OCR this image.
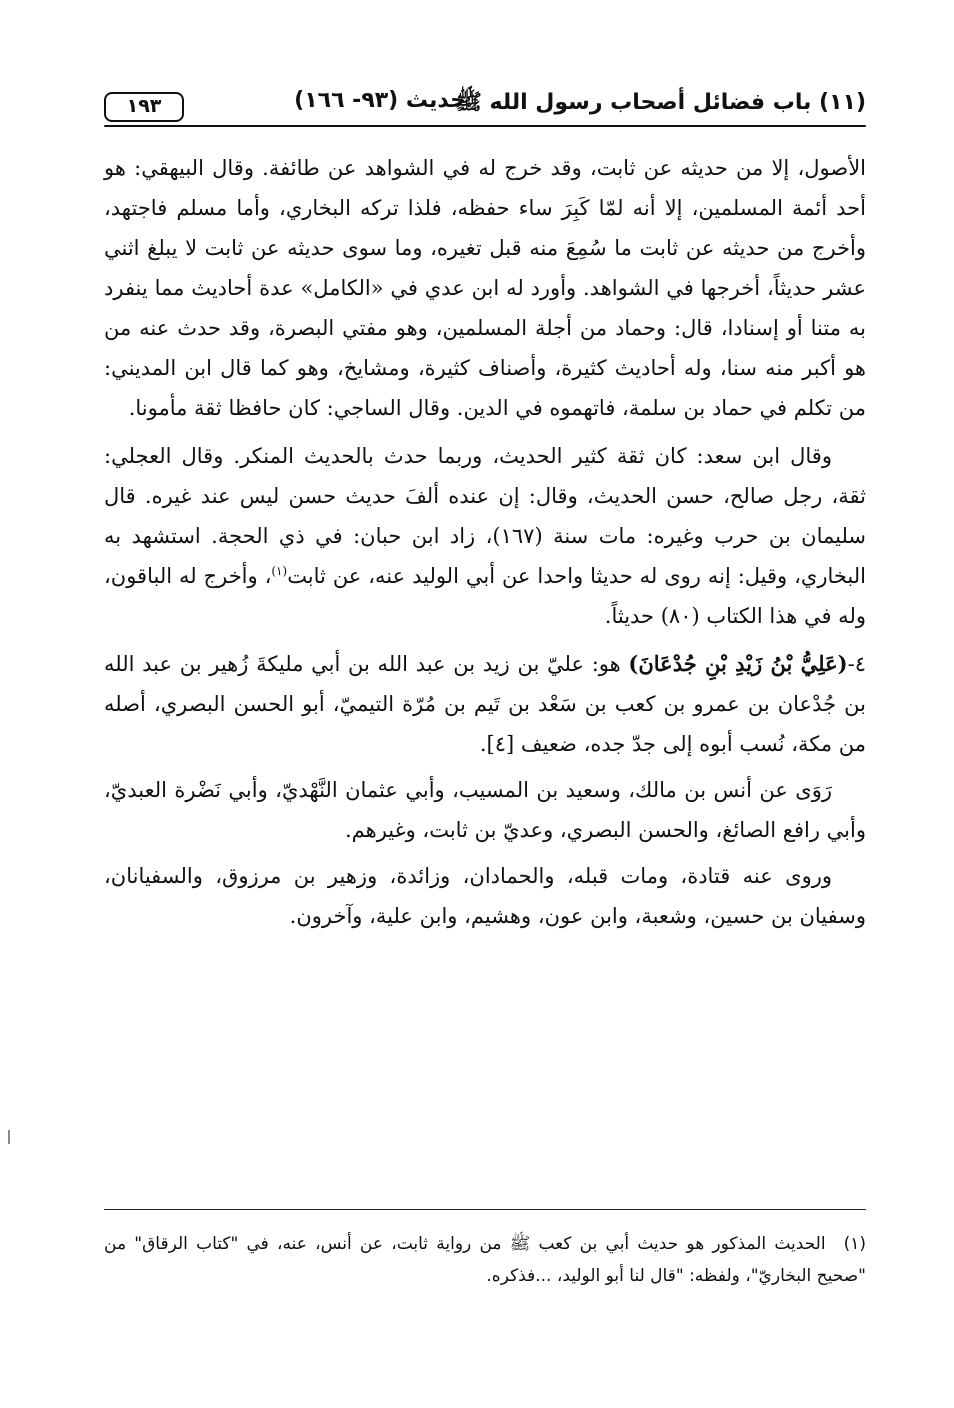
(١١) باب فضائل أصحاب رسول الله ﷺ
حديث (٩٣- ١٦٦)
١٩٣

الأصول، إلا من حديثه عن ثابت، وقد خرج له في الشواهد عن طائفة. وقال البيهقي: هو أحد أئمة المسلمين، إلا أنه لمّا كَبِرَ ساء حفظه، فلذا تركه البخاري، وأما مسلم فاجتهد، وأخرج من حديثه عن ثابت ما سُمِعَ منه قبل تغيره، وما سوى حديثه عن ثابت لا يبلغ اثني عشر حديثاً، أخرجها في الشواهد. وأورد له ابن عدي في «الكامل» عدة أحاديث مما ينفرد به متنا أو إسنادا، قال: وحماد من أجلة المسلمين، وهو مفتي البصرة، وقد حدث عنه من هو أكبر منه سنا، وله أحاديث كثيرة، وأصناف كثيرة، ومشايخ، وهو كما قال ابن المديني: من تكلم في حماد بن سلمة، فاتهموه في الدين. وقال الساجي: كان حافظا ثقة مأمونا.

وقال ابن سعد: كان ثقة كثير الحديث، وربما حدث بالحديث المنكر. وقال العجلي: ثقة، رجل صالح، حسن الحديث، وقال: إن عنده ألفَ حديث حسن ليس عند غيره. قال سليمان بن حرب وغيره: مات سنة (١٦٧)، زاد ابن حبان: في ذي الحجة. استشهد به البخاري، وقيل: إنه روى له حديثا واحدا عن أبي الوليد عنه، عن ثابت$^{(١)}$، وأخرج له الباقون، وله في هذا الكتاب (٨٠) حديثاً.

٤-(عَلِيُّ بْنُ زَيْدِ بْنِ جُدْعَانَ) هو: عليّ بن زيد بن عبد الله بن أبي مليكةَ زُهير بن عبد الله بن جُدْعان بن عمرو بن كعب بن سَعْد بن تَيم بن مُرّة التيميّ، أبو الحسن البصري، أصله من مكة، نُسب أبوه إلى جدّ جده، ضعيف [٤].

رَوَى عن أنس بن مالك، وسعيد بن المسيب، وأبي عثمان النَّهْديّ، وأبي نَضْرة العبديّ، وأبي رافع الصائغ، والحسن البصري، وعديّ بن ثابت، وغيرهم.

وروى عنه قتادة، ومات قبله، والحمادان، وزائدة، وزهير بن مرزوق، والسفيانان، وسفيان بن حسين، وشعبة، وابن عون، وهشيم، وابن علية، وآخرون.

(١)الحديث المذكور هو حديث أبي بن كعب ﷺ من رواية ثابت، عن أنس، عنه، في "كتاب الرقاق" من "صحيح البخاريّ"، ولفظه: "قال لنا أبو الوليد، ...فذكره.
